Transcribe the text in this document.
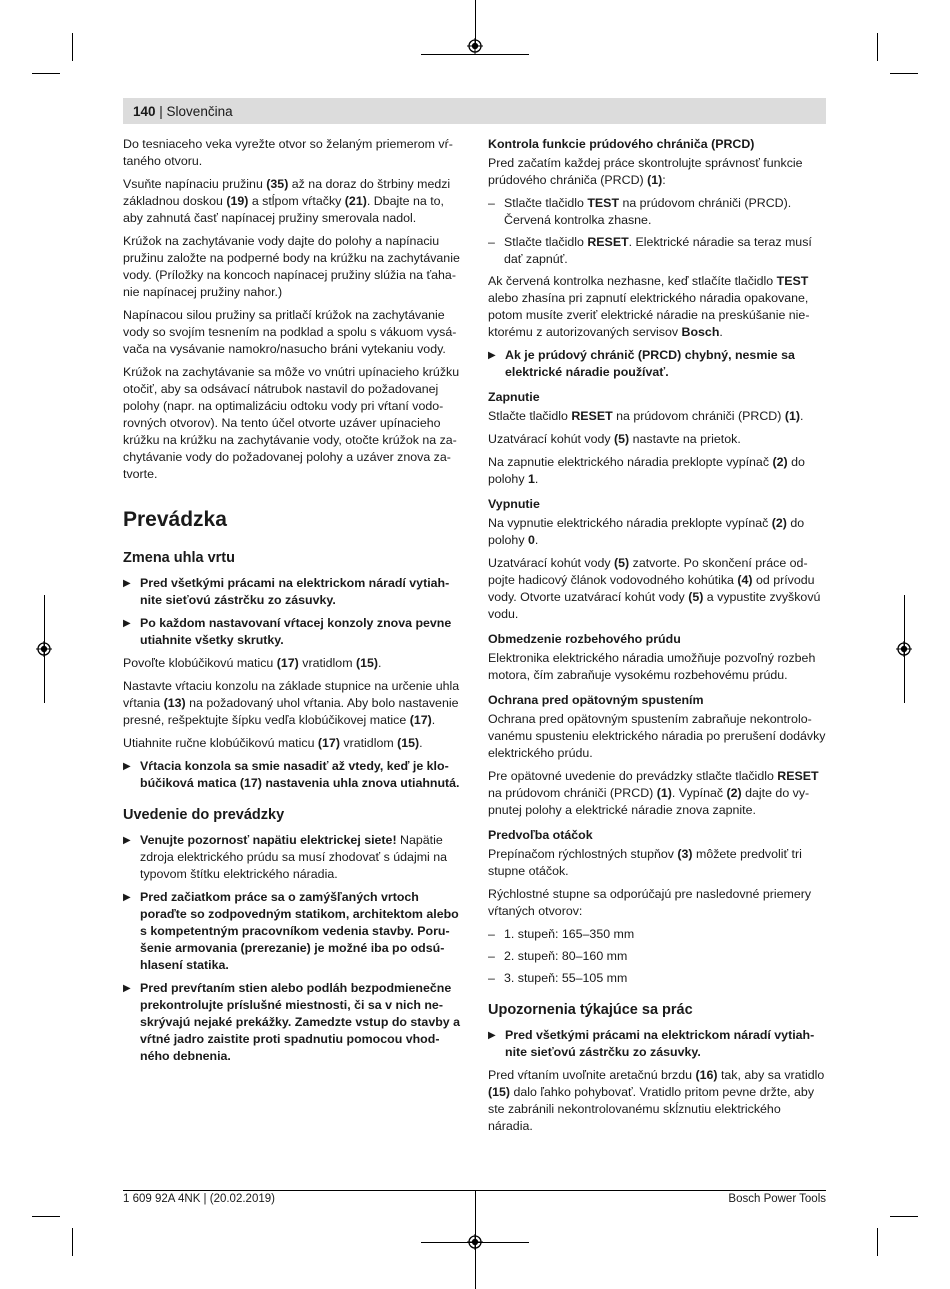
140 | Slovenčina

Do tesniaceho veka vyrežte otvor so želaným priemerom vŕtaného otvoru.

Vsuňte napínaciu pružinu (35) až na doraz do štrbiny medzi základnou doskou (19) a stĺpom vŕtačky (21). Dbajte na to, aby zahnutá časť napínacej pružiny smerovala nadol.

Krúžok na zachytávanie vody dajte do polohy a napínaciu pružinu založte na podperné body na krúžku na zachytávanie vody. (Príložky na koncoch napínacej pružiny slúžia na ťahanie napínacej pružiny nahor.)

Napínacou silou pružiny sa pritlačí krúžok na zachytávanie vody so svojím tesnením na podklad a spolu s vákuom vysávača na vysávanie namokro/nasucho bráni vytekaniu vody.

Krúžok na zachytávanie sa môže vo vnútri upínacieho krúžku otočiť, aby sa odsávací nátrubok nastavil do požadovanej polohy (napr. na optimalizáciu odtoku vody pri vŕtaní vodorovných otvorov). Na tento účel otvorte uzáver upínacieho krúžku na krúžku na zachytávanie vody, otočte krúžok na zachytávanie vody do požadovanej polohy a uzáver znova zatvorte.

Prevádzka
Zmena uhla vrtu
▶ Pred všetkými prácami na elektrickom náradí vytiahnite sieťovú zástrčku zo zásuvky.
▶ Po každom nastavovaní vŕtacej konzoly znova pevne utiahnite všetky skrutky.

Povoľte klobúčikovú maticu (17) vratidlom (15).

Nastavte vŕtaciu konzolu na základe stupnice na určenie uhla vŕtania (13) na požadovaný uhol vŕtania. Aby bolo nastavenie presné, rešpektujte šípku vedľa klobúčikovej matice (17).

Utiahnite ručne klobúčikovú maticu (17) vratidlom (15).

▶ Vŕtacia konzola sa smie nasadiť až vtedy, keď je klobúčiková matica (17) nastavenia uhla znova utiahnutá.
Uvedenie do prevádzky
▶ Venujte pozornosť napätiu elektrickej siete! Napätie zdroja elektrického prúdu sa musí zhodovať s údajmi na typovom štítku elektrického náradia.
▶ Pred začiatkom práce sa o zamýšľaných vrtoch poraďte so zodpovedným statikom, architektom alebo s kompetentným pracovníkom vedenia stavby. Porušenie armovania (prerezanie) je možné iba po odsúhlasení statika.
▶ Pred prevŕtaním stien alebo podláh bezpodmienečne prekontrolujte príslušné miestnosti, či sa v nich neskrývajú nejaké prekážky. Zamedzte vstup do stavby a vŕtné jadro zaistite proti spadnutiu pomocou vhodného debnenia.
Kontrola funkcie prúdového chrániča (PRCD)

Pred začatím každej práce skontrolujte správnosť funkcie prúdového chrániča (PRCD) (1):

– Stlačte tlačidlo TEST na prúdovom chrániči (PRCD). Červená kontrolka zhasne.
– Stlačte tlačidlo RESET. Elektrické náradie sa teraz musí dať zapnúť.

Ak červená kontrolka nezhasne, keď stlačíte tlačidlo TEST alebo zhasína pri zapnutí elektrického náradia opakovane, potom musíte zveriť elektrické náradie na preskúšanie niektorému z autorizovaných servisov Bosch.

▶ Ak je prúdový chránič (PRCD) chybný, nesmie sa elektrické náradie používať.
Zapnutie

Stlačte tlačidlo RESET na prúdovom chrániči (PRCD) (1).

Uzatvárací kohút vody (5) nastavte na prietok.

Na zapnutie elektrického náradia preklopte vypínač (2) do polohy 1.

Vypnutie

Na vypnutie elektrického náradia preklopte vypínač (2) do polohy 0.

Uzatvárací kohút vody (5) zatvorte. Po skončení práce odpojte hadicový článok vodovodného kohútika (4) od prívodu vody. Otvorte uzatvárací kohút vody (5) a vypustite zvyškovú vodu.

Obmedzenie rozbehového prúdu

Elektronika elektrického náradia umožňuje pozvoľný rozbeh motora, čím zabraňuje vysokému rozbehovému prúdu.

Ochrana pred opätovným spustením

Ochrana pred opätovným spustením zabraňuje nekontrolovanému spusteniu elektrického náradia po prerušení dodávky elektrického prúdu.

Pre opätovné uvedenie do prevádzky stlačte tlačidlo RESET na prúdovom chrániči (PRCD) (1). Vypínač (2) dajte do vypnutej polohy a elektrické náradie znova zapnite.

Predvoľba otáčok

Prepínačom rýchlostných stupňov (3) môžete predvoliť tri stupne otáčok.

Rýchlostné stupne sa odporúčajú pre nasledovné priemery vŕtaných otvorov:

– 1. stupeň: 165–350 mm
– 2. stupeň: 80–160 mm
– 3. stupeň: 55–105 mm
Upozornenia týkajúce sa prác
▶ Pred všetkými prácami na elektrickom náradí vytiahnite sieťovú zástrčku zo zásuvky.

Pred vŕtaním uvoľnite aretačnú brzdu (16) tak, aby sa vratidlo (15) dalo ľahko pohybovať. Vratidlo pritom pevne držte, aby ste zabránili nekontrolovanému skĺznutiu elektrického náradia.

1 609 92A 4NK | (20.02.2019)	Bosch Power Tools
